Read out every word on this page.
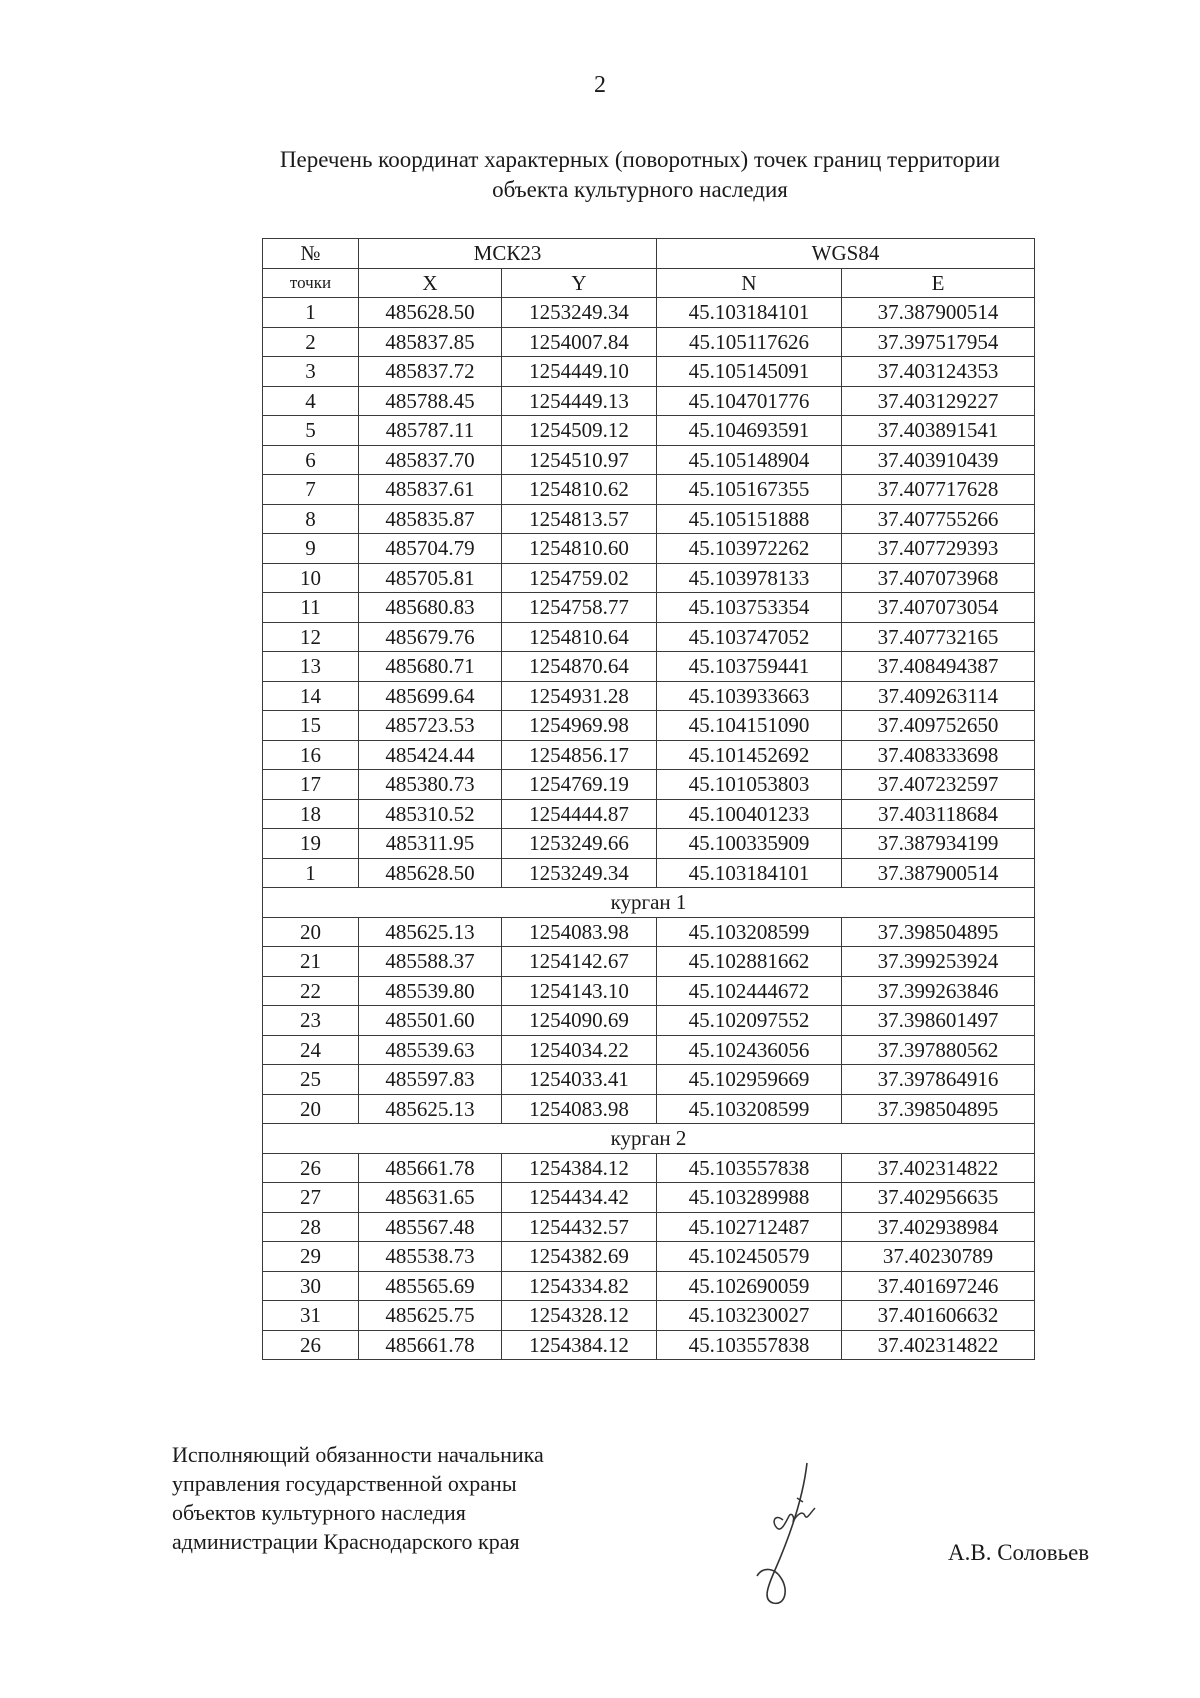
2
Перечень координат характерных (поворотных) точек границ территории
объекта культурного наследия
№	МСК23		WGS84	
точки	X	Y	N	E
1	485628.50	1253249.34	45.103184101	37.387900514
2	485837.85	1254007.84	45.105117626	37.397517954
3	485837.72	1254449.10	45.105145091	37.403124353
4	485788.45	1254449.13	45.104701776	37.403129227
5	485787.11	1254509.12	45.104693591	37.403891541
6	485837.70	1254510.97	45.105148904	37.403910439
7	485837.61	1254810.62	45.105167355	37.407717628
8	485835.87	1254813.57	45.105151888	37.407755266
9	485704.79	1254810.60	45.103972262	37.407729393
10	485705.81	1254759.02	45.103978133	37.407073968
11	485680.83	1254758.77	45.103753354	37.407073054
12	485679.76	1254810.64	45.103747052	37.407732165
13	485680.71	1254870.64	45.103759441	37.408494387
14	485699.64	1254931.28	45.103933663	37.409263114
15	485723.53	1254969.98	45.104151090	37.409752650
16	485424.44	1254856.17	45.101452692	37.408333698
17	485380.73	1254769.19	45.101053803	37.407232597
18	485310.52	1254444.87	45.100401233	37.403118684
19	485311.95	1253249.66	45.100335909	37.387934199
1	485628.50	1253249.34	45.103184101	37.387900514
курган 1				
20	485625.13	1254083.98	45.103208599	37.398504895
21	485588.37	1254142.67	45.102881662	37.399253924
22	485539.80	1254143.10	45.102444672	37.399263846
23	485501.60	1254090.69	45.102097552	37.398601497
24	485539.63	1254034.22	45.102436056	37.397880562
25	485597.83	1254033.41	45.102959669	37.397864916
20	485625.13	1254083.98	45.103208599	37.398504895
курган 2				
26	485661.78	1254384.12	45.103557838	37.402314822
27	485631.65	1254434.42	45.103289988	37.402956635
28	485567.48	1254432.57	45.102712487	37.402938984
29	485538.73	1254382.69	45.102450579	37.40230789
30	485565.69	1254334.82	45.102690059	37.401697246
31	485625.75	1254328.12	45.103230027	37.401606632
26	485661.78	1254384.12	45.103557838	37.402314822
Исполняющий обязанности начальника
управления государственной охраны
объектов культурного наследия
администрации Краснодарского края	А.В. Соловьев
